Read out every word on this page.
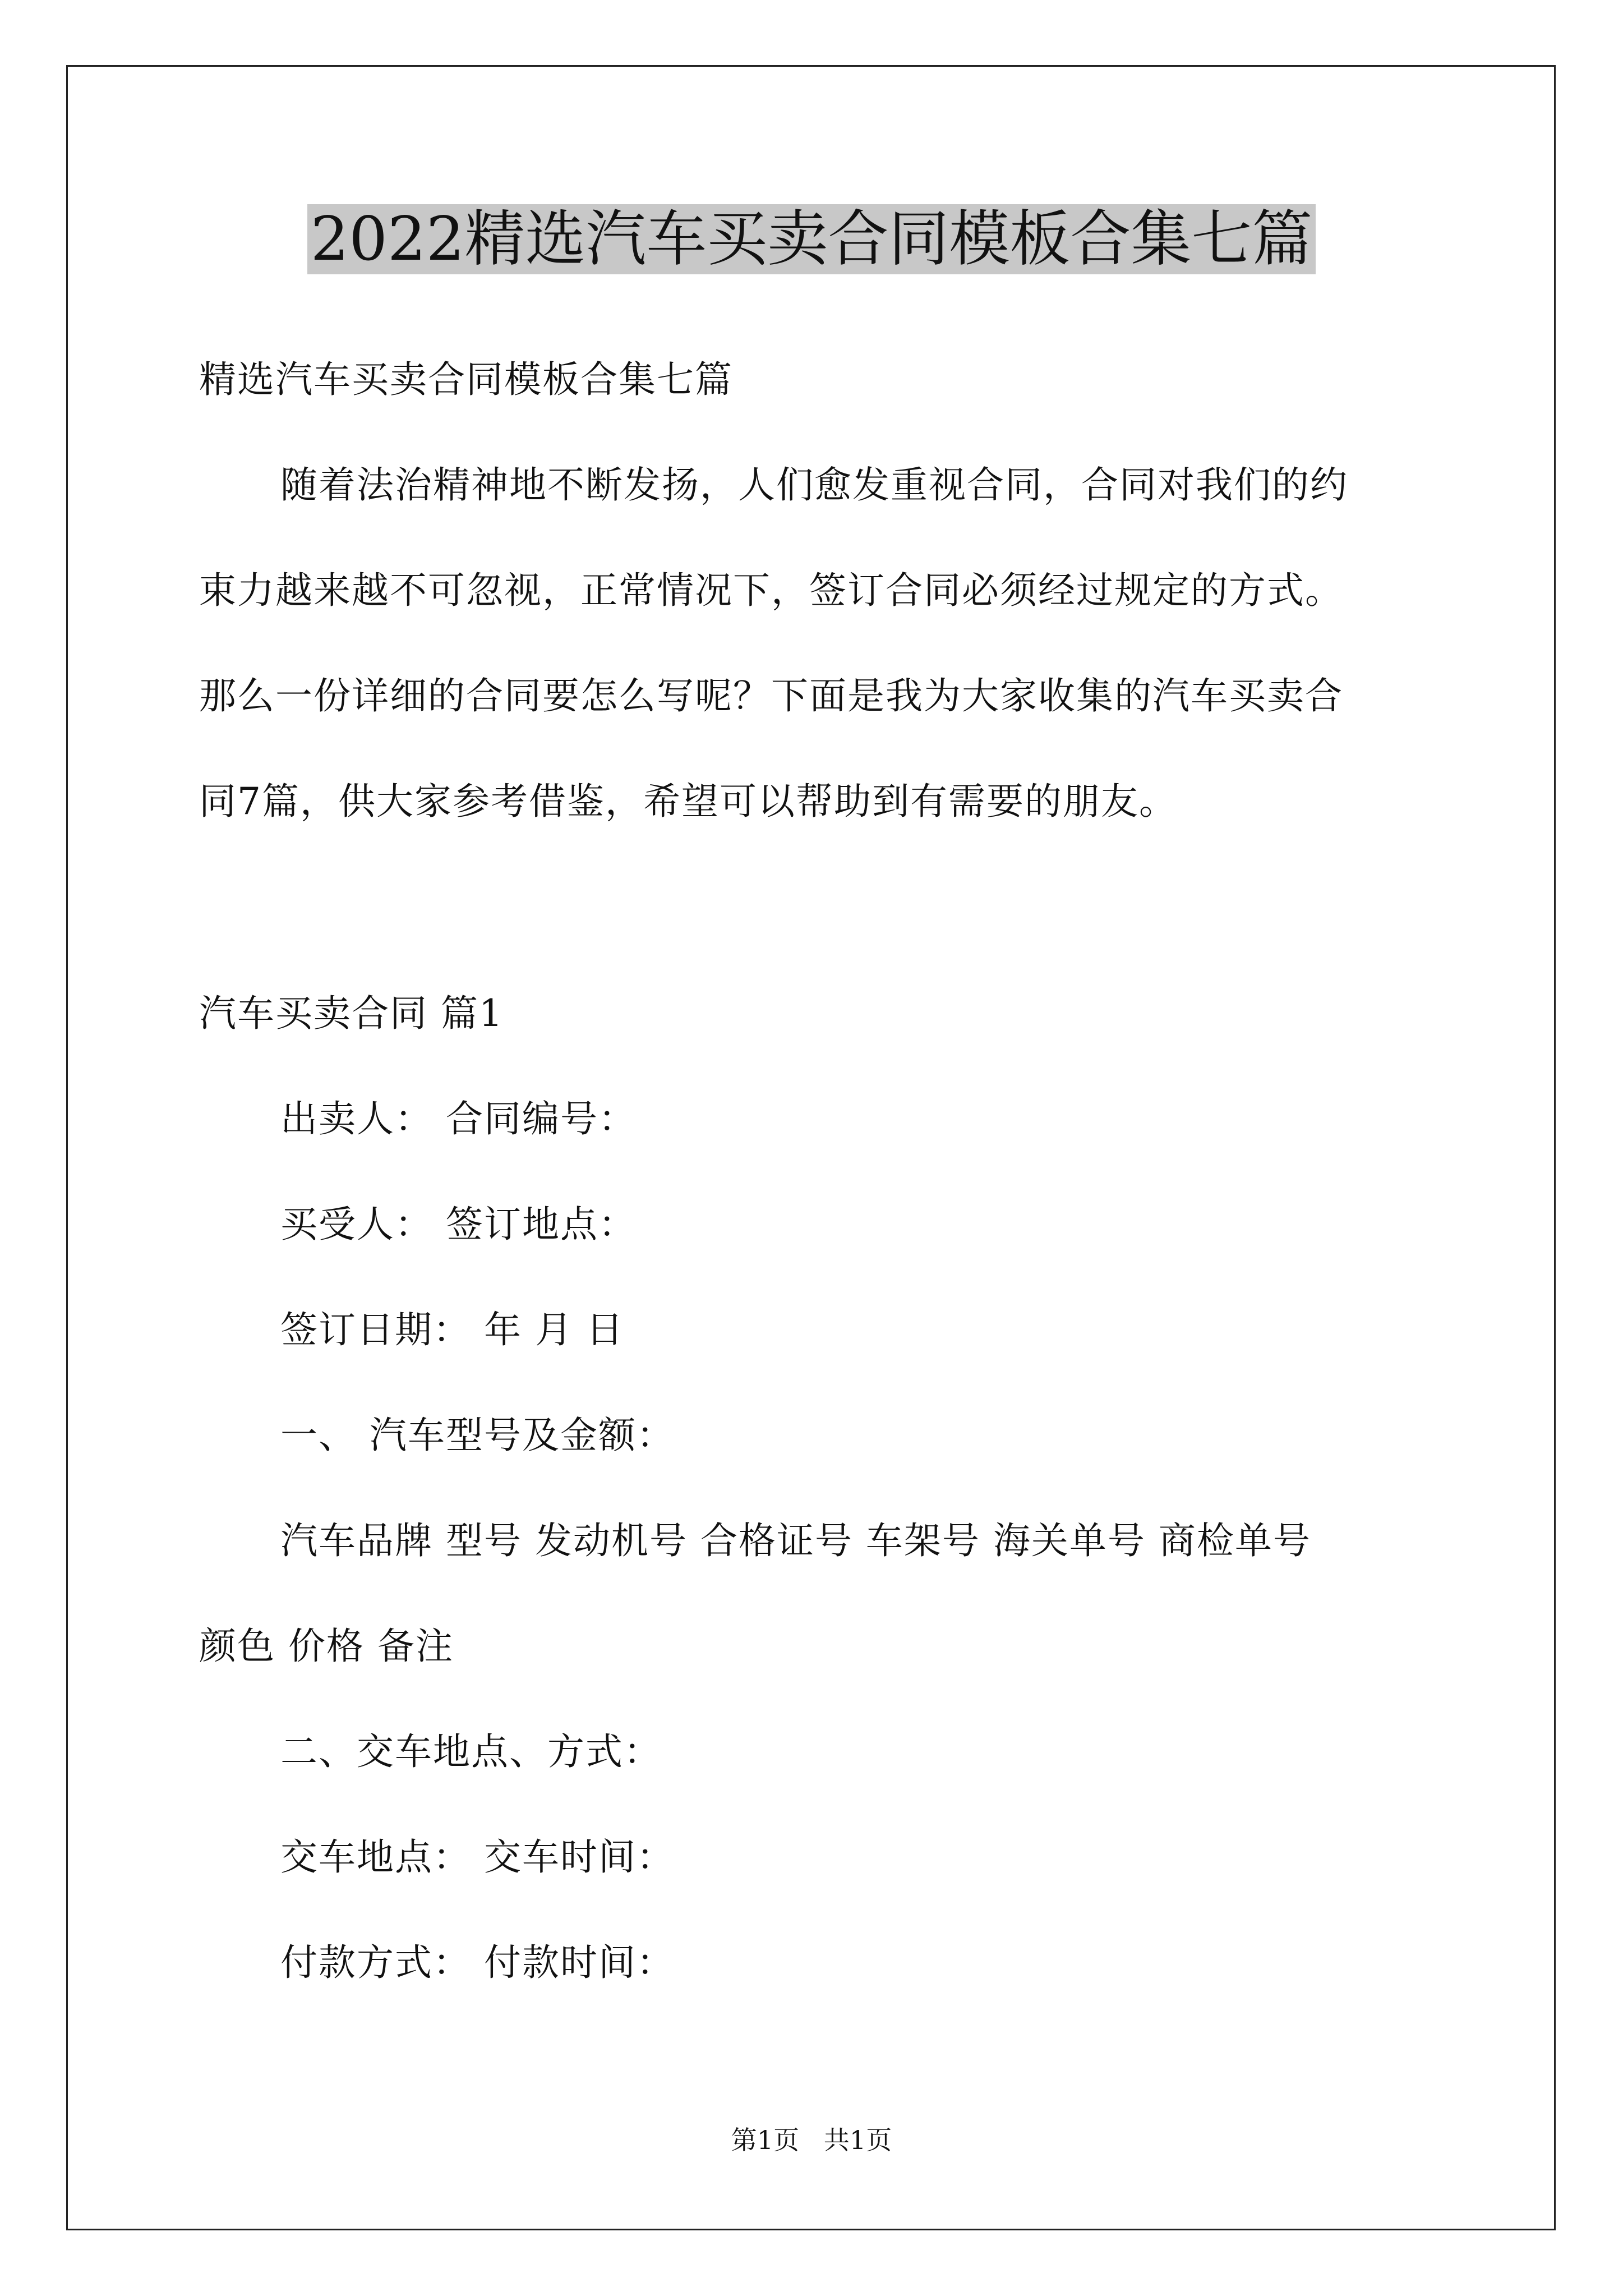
2022精选汽车买卖合同模板合集七篇
精选汽车买卖合同模板合集七篇
随着法治精神地不断发扬，人们愈发重视合同，合同对我们的约
束力越来越不可忽视，正常情况下，签订合同必须经过规定的方式。
那么一份详细的合同要怎么写呢？下面是我为大家收集的汽车买卖合
同7篇，供大家参考借鉴，希望可以帮助到有需要的朋友。
汽车买卖合同 篇1
出卖人： 合同编号：
买受人： 签订地点：
签订日期： 年 月 日
一、 汽车型号及金额：
汽车品牌 型号 发动机号 合格证号 车架号 海关单号 商检单号
颜色 价格 备注
二、交车地点、方式：
交车地点： 交车时间：
付款方式： 付款时间：
第1页   共1页
